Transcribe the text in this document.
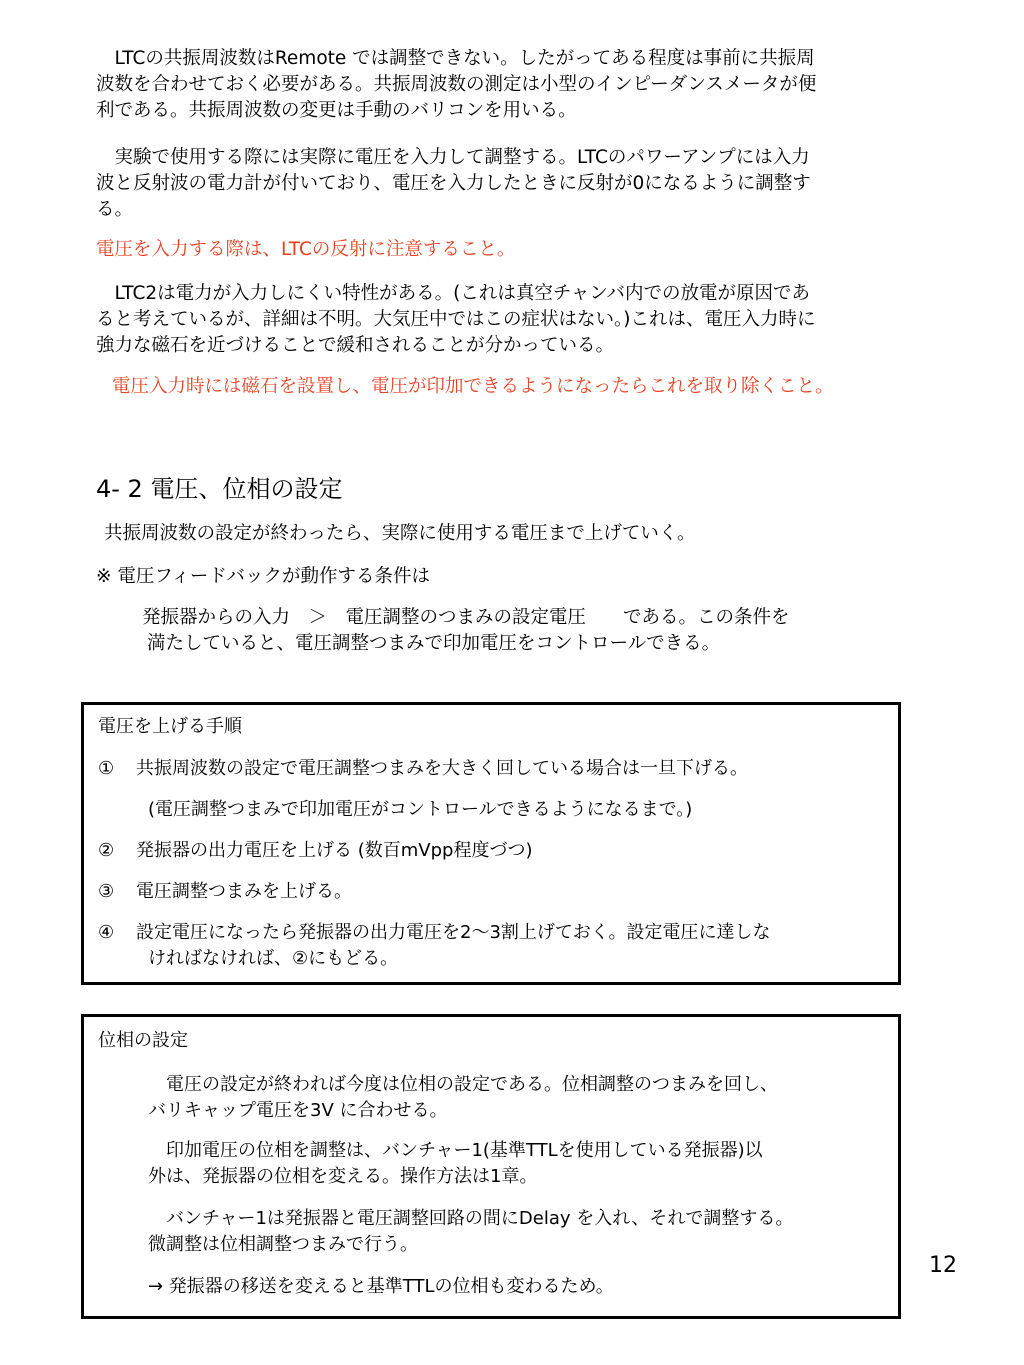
　LTCの共振周波数はRemote では調整できない。したがってある程度は事前に共振周

波数を合わせておく必要がある。共振周波数の測定は小型のインピーダンスメータが便

利である。共振周波数の変更は手動のバリコンを用いる。

　実験で使用する際には実際に電圧を入力して調整する。LTCのパワーアンプには入力

波と反射波の電力計が付いており、電圧を入力したときに反射が0になるように調整す

る。

電圧を入力する際は、LTCの反射に注意すること。

　LTC2は電力が入力しにくい特性がある。(これは真空チャンバ内での放電が原因であ

ると考えているが、詳細は不明。大気圧中ではこの症状はない。)これは、電圧入力時に

強力な磁石を近づけることで緩和されることが分かっている。

電圧入力時には磁石を設置し、電圧が印加できるようになったらこれを取り除くこと。

4- 2 電圧、位相の設定

共振周波数の設定が終わったら、実際に使用する電圧まで上げていく。

※ 電圧フィードバックが動作する条件は

発振器からの入力　＞　電圧調整のつまみの設定電圧　　である。この条件を

満たしていると、電圧調整つまみで印加電圧をコントロールできる。

電圧を上げる手順

① 共振周波数の設定で電圧調整つまみを大きく回している場合は一旦下げる。
(電圧調整つまみで印加電圧がコントロールできるようになるまで。)
② 発振器の出力電圧を上げる (数百mVpp程度づつ)
③ 電圧調整つまみを上げる。
④ 設定電圧になったら発振器の出力電圧を2～3割上げておく。設定電圧に達しな
ければなければ、②にもどる。

位相の設定

　電圧の設定が終われば今度は位相の設定である。位相調整のつまみを回し、

バリキャップ電圧を3V に合わせる。

　印加電圧の位相を調整は、バンチャー1(基準TTLを使用している発振器)以

外は、発振器の位相を変える。操作方法は1章。

　バンチャー1は発振器と電圧調整回路の間にDelay を入れ、それで調整する。

微調整は位相調整つまみで行う。

→ 発振器の移送を変えると基準TTLの位相も変わるため。

12
